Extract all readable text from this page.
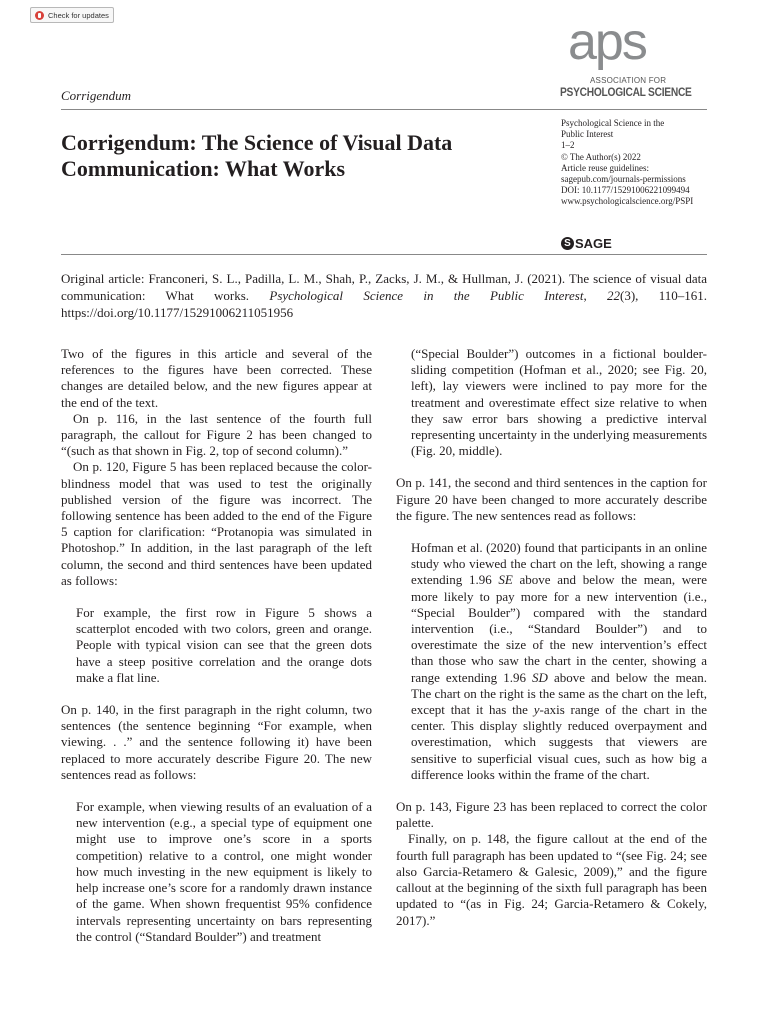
Check for updates	aps
ASSOCIATION FOR
PSYCHOLOGICAL SCIENCE
Corrigendum
Corrigendum: The Science of Visual Data Communication: What Works
Psychological Science in the
Public Interest
1–2
© The Author(s) 2022
Article reuse guidelines:
sagepub.com/journals-permissions
DOI: 10.1177/15291006221099494
www.psychologicalscience.org/PSPI
S SAGE

Original article: Franconeri, S. L., Padilla, L. M., Shah, P., Zacks, J. M., & Hullman, J. (2021). The science of visual data communication: What works. Psychological Science in the Public Interest, 22(3), 110–161. https://doi.org/10.1177/15291006211051956

Two of the figures in this article and several of the references to the figures have been corrected. These changes are detailed below, and the new figures appear at the end of the text.

On p. 116, in the last sentence of the fourth full paragraph, the callout for Figure 2 has been changed to “(such as that shown in Fig. 2, top of second column).”

On p. 120, Figure 5 has been replaced because the color-blindness model that was used to test the originally published version of the figure was incorrect. The following sentence has been added to the end of the Figure 5 caption for clarification: “Protanopia was simulated in Photoshop.” In addition, in the last paragraph of the left column, the second and third sentences have been updated as follows:

For example, the first row in Figure 5 shows a scatterplot encoded with two colors, green and orange. People with typical vision can see that the green dots have a steep positive correlation and the orange dots make a flat line.

On p. 140, in the first paragraph in the right column, two sentences (the sentence beginning “For example, when viewing. . .” and the sentence following it) have been replaced to more accurately describe Figure 20. The new sentences read as follows:

For example, when viewing results of an evaluation of a new intervention (e.g., a special type of equipment one might use to improve one’s score in a sports competition) relative to a control, one might wonder how much investing in the new equipment is likely to help increase one’s score for a randomly drawn instance of the game. When shown frequentist 95% confidence intervals representing uncertainty on bars representing the control (“Standard Boulder”) and treatment

(“Special Boulder”) outcomes in a fictional boulder-sliding competition (Hofman et al., 2020; see Fig. 20, left), lay viewers were inclined to pay more for the treatment and overestimate effect size relative to when they saw error bars showing a predictive interval representing uncertainty in the underlying measurements (Fig. 20, middle).

On p. 141, the second and third sentences in the caption for Figure 20 have been changed to more accurately describe the figure. The new sentences read as follows:

Hofman et al. (2020) found that participants in an online study who viewed the chart on the left, showing a range extending 1.96 SE above and below the mean, were more likely to pay more for a new intervention (i.e., “Special Boulder”) compared with the standard intervention (i.e., “Standard Boulder”) and to overestimate the size of the new intervention’s effect than those who saw the chart in the center, showing a range extending 1.96 SD above and below the mean. The chart on the right is the same as the chart on the left, except that it has the y-axis range of the chart in the center. This display slightly reduced overpayment and overestimation, which suggests that viewers are sensitive to superficial visual cues, such as how big a difference looks within the frame of the chart.

On p. 143, Figure 23 has been replaced to correct the color palette.

Finally, on p. 148, the figure callout at the end of the fourth full paragraph has been updated to “(see Fig. 24; see also Garcia-Retamero & Galesic, 2009),” and the figure callout at the beginning of the sixth full paragraph has been updated to “(as in Fig. 24; Garcia-Retamero & Cokely, 2017).”
